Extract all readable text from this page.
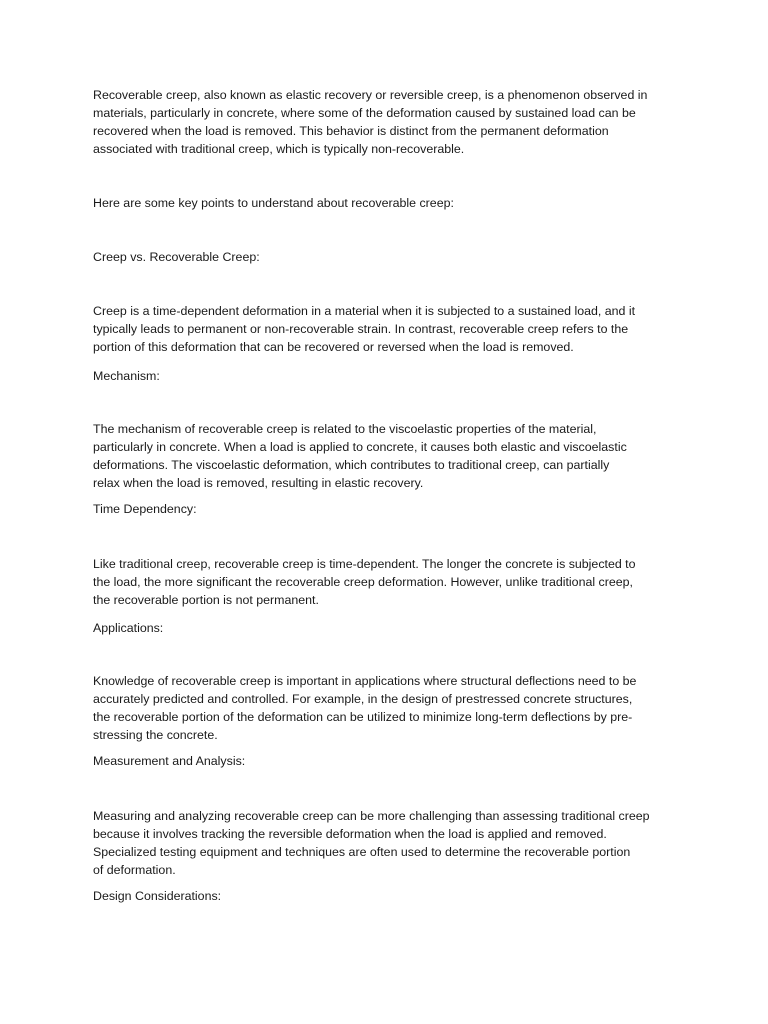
Recoverable creep, also known as elastic recovery or reversible creep, is a phenomenon observed in
materials, particularly in concrete, where some of the deformation caused by sustained load can be
recovered when the load is removed. This behavior is distinct from the permanent deformation
associated with traditional creep, which is typically non-recoverable.

Here are some key points to understand about recoverable creep:

Creep vs. Recoverable Creep:

Creep is a time-dependent deformation in a material when it is subjected to a sustained load, and it
typically leads to permanent or non-recoverable strain. In contrast, recoverable creep refers to the
portion of this deformation that can be recovered or reversed when the load is removed.

Mechanism:

The mechanism of recoverable creep is related to the viscoelastic properties of the material,
particularly in concrete. When a load is applied to concrete, it causes both elastic and viscoelastic
deformations. The viscoelastic deformation, which contributes to traditional creep, can partially
relax when the load is removed, resulting in elastic recovery.

Time Dependency:

Like traditional creep, recoverable creep is time-dependent. The longer the concrete is subjected to
the load, the more significant the recoverable creep deformation. However, unlike traditional creep,
the recoverable portion is not permanent.

Applications:

Knowledge of recoverable creep is important in applications where structural deflections need to be
accurately predicted and controlled. For example, in the design of prestressed concrete structures,
the recoverable portion of the deformation can be utilized to minimize long-term deflections by pre-
stressing the concrete.

Measurement and Analysis:

Measuring and analyzing recoverable creep can be more challenging than assessing traditional creep
because it involves tracking the reversible deformation when the load is applied and removed.
Specialized testing equipment and techniques are often used to determine the recoverable portion
of deformation.

Design Considerations:
